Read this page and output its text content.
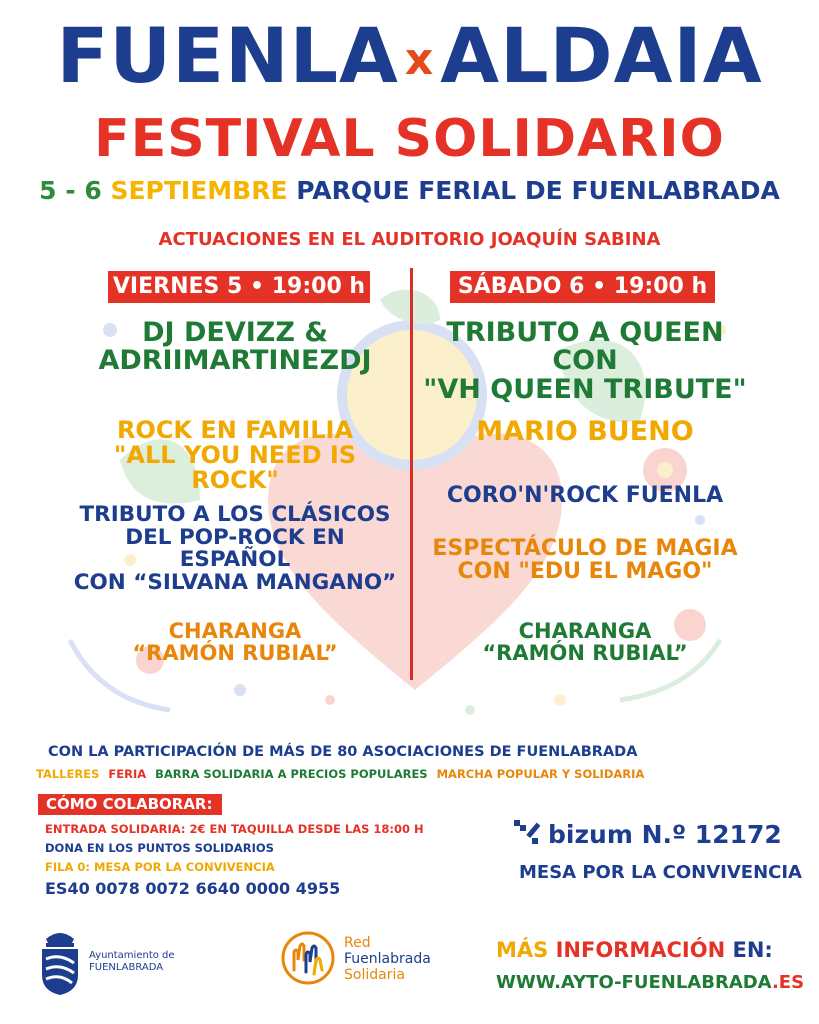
FUENLA xALDAIA
FESTIVAL SOLIDARIO
5 - 6 SEPTIEMBRE PARQUE FERIAL DE FUENLABRADA
ACTUACIONES EN EL AUDITORIO JOAQUÍN SABINA
VIERNES 5 • 19:00 h
DJ DEVIZZ &
ADRIIMARTINEZDJ
ROCK EN FAMILIA
"ALL YOU NEED IS ROCK"
TRIBUTO A LOS CLÁSICOS
DEL POP-ROCK EN ESPAÑOL
CON “SILVANA MANGANO”
CHARANGA
“RAMÓN RUBIAL”
SÁBADO 6 • 19:00 h
TRIBUTO A QUEEN CON
"VH QUEEN TRIBUTE"
MARIO BUENO
CORO'N'ROCK FUENLA
ESPECTÁCULO DE MAGIA
CON "EDU EL MAGO"
CHARANGA
“RAMÓN RUBIAL”
CON LA PARTICIPACIÓN DE MÁS DE 80 ASOCIACIONES DE FUENLABRADA
TALLERES FERIA BARRA SOLIDARIA A PRECIOS POPULARES MARCHA POPULAR Y SOLIDARIA
CÓMO COLABORAR:
ENTRADA SOLIDARIA: 2€ EN TAQUILLA DESDE LAS 18:00 H
DONA EN LOS PUNTOS SOLIDARIOS
FILA 0: MESA POR LA CONVIVENCIA
ES40 0078 0072 6640 0000 4955
bizum N.º 12172
MESA POR LA CONVIVENCIA
Ayuntamiento de
FUENLABRADA
Red
Fuenlabrada
Solidaria
MÁS INFORMACIÓN EN:
WWW.AYTO-FUENLABRADA.ES
